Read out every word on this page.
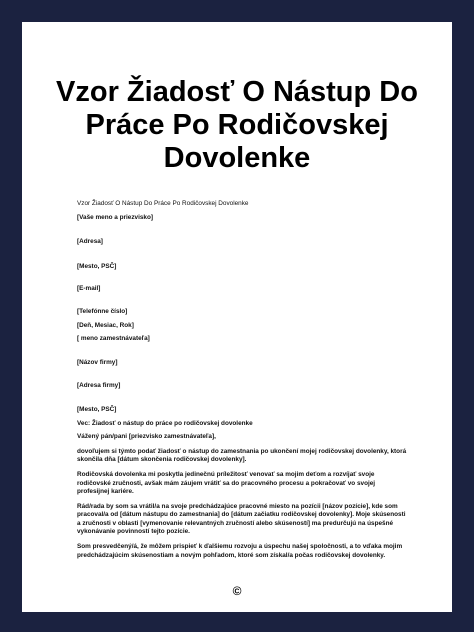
Vzor Žiadosť O Nástup Do Práce Po Rodičovskej Dovolenke

Vzor Žiadosť O Nástup Do Práce Po Rodičovskej Dovolenke

[Vaše meno a priezvisko]

[Adresa]

[Mesto, PSČ]

[E-mail]

[Telefónne číslo]

[Deň, Mesiac, Rok]

[ meno zamestnávateľa]

[Názov firmy]

[Adresa firmy]

[Mesto, PSČ]

Vec: Žiadosť o nástup do práce po rodičovskej dovolenke

Vážený pán/pani [priezvisko zamestnávateľa],

dovoľujem si týmto podať žiadosť o nástup do zamestnania po ukončení mojej rodičovskej dovolenky, ktorá skončila dňa [dátum skončenia rodičovskej dovolenky].

Rodičovská dovolenka mi poskytla jedinečnú príležitosť venovať sa mojim deťom a rozvíjať svoje rodičovské zručnosti, avšak mám záujem vrátiť sa do pracovného procesu a pokračovať vo svojej profesijnej kariére.

Rád/rada by som sa vrátil/a na svoje predchádzajúce pracovné miesto na pozícii [názov pozície], kde som pracoval/a od [dátum nástupu do zamestnania] do [dátum začiatku rodičovskej dovolenky]. Moje skúsenosti a zručnosti v oblasti [vymenovanie relevantných zručností alebo skúseností] ma predurčujú na úspešné vykonávanie povinností tejto pozície.

Som presvedčený/á, že môžem prispieť k ďalšiemu rozvoju a úspechu našej spoločnosti, a to vďaka mojim predchádzajúcim skúsenostiam a novým pohľadom, ktoré som získal/a počas rodičovskej dovolenky.

©
